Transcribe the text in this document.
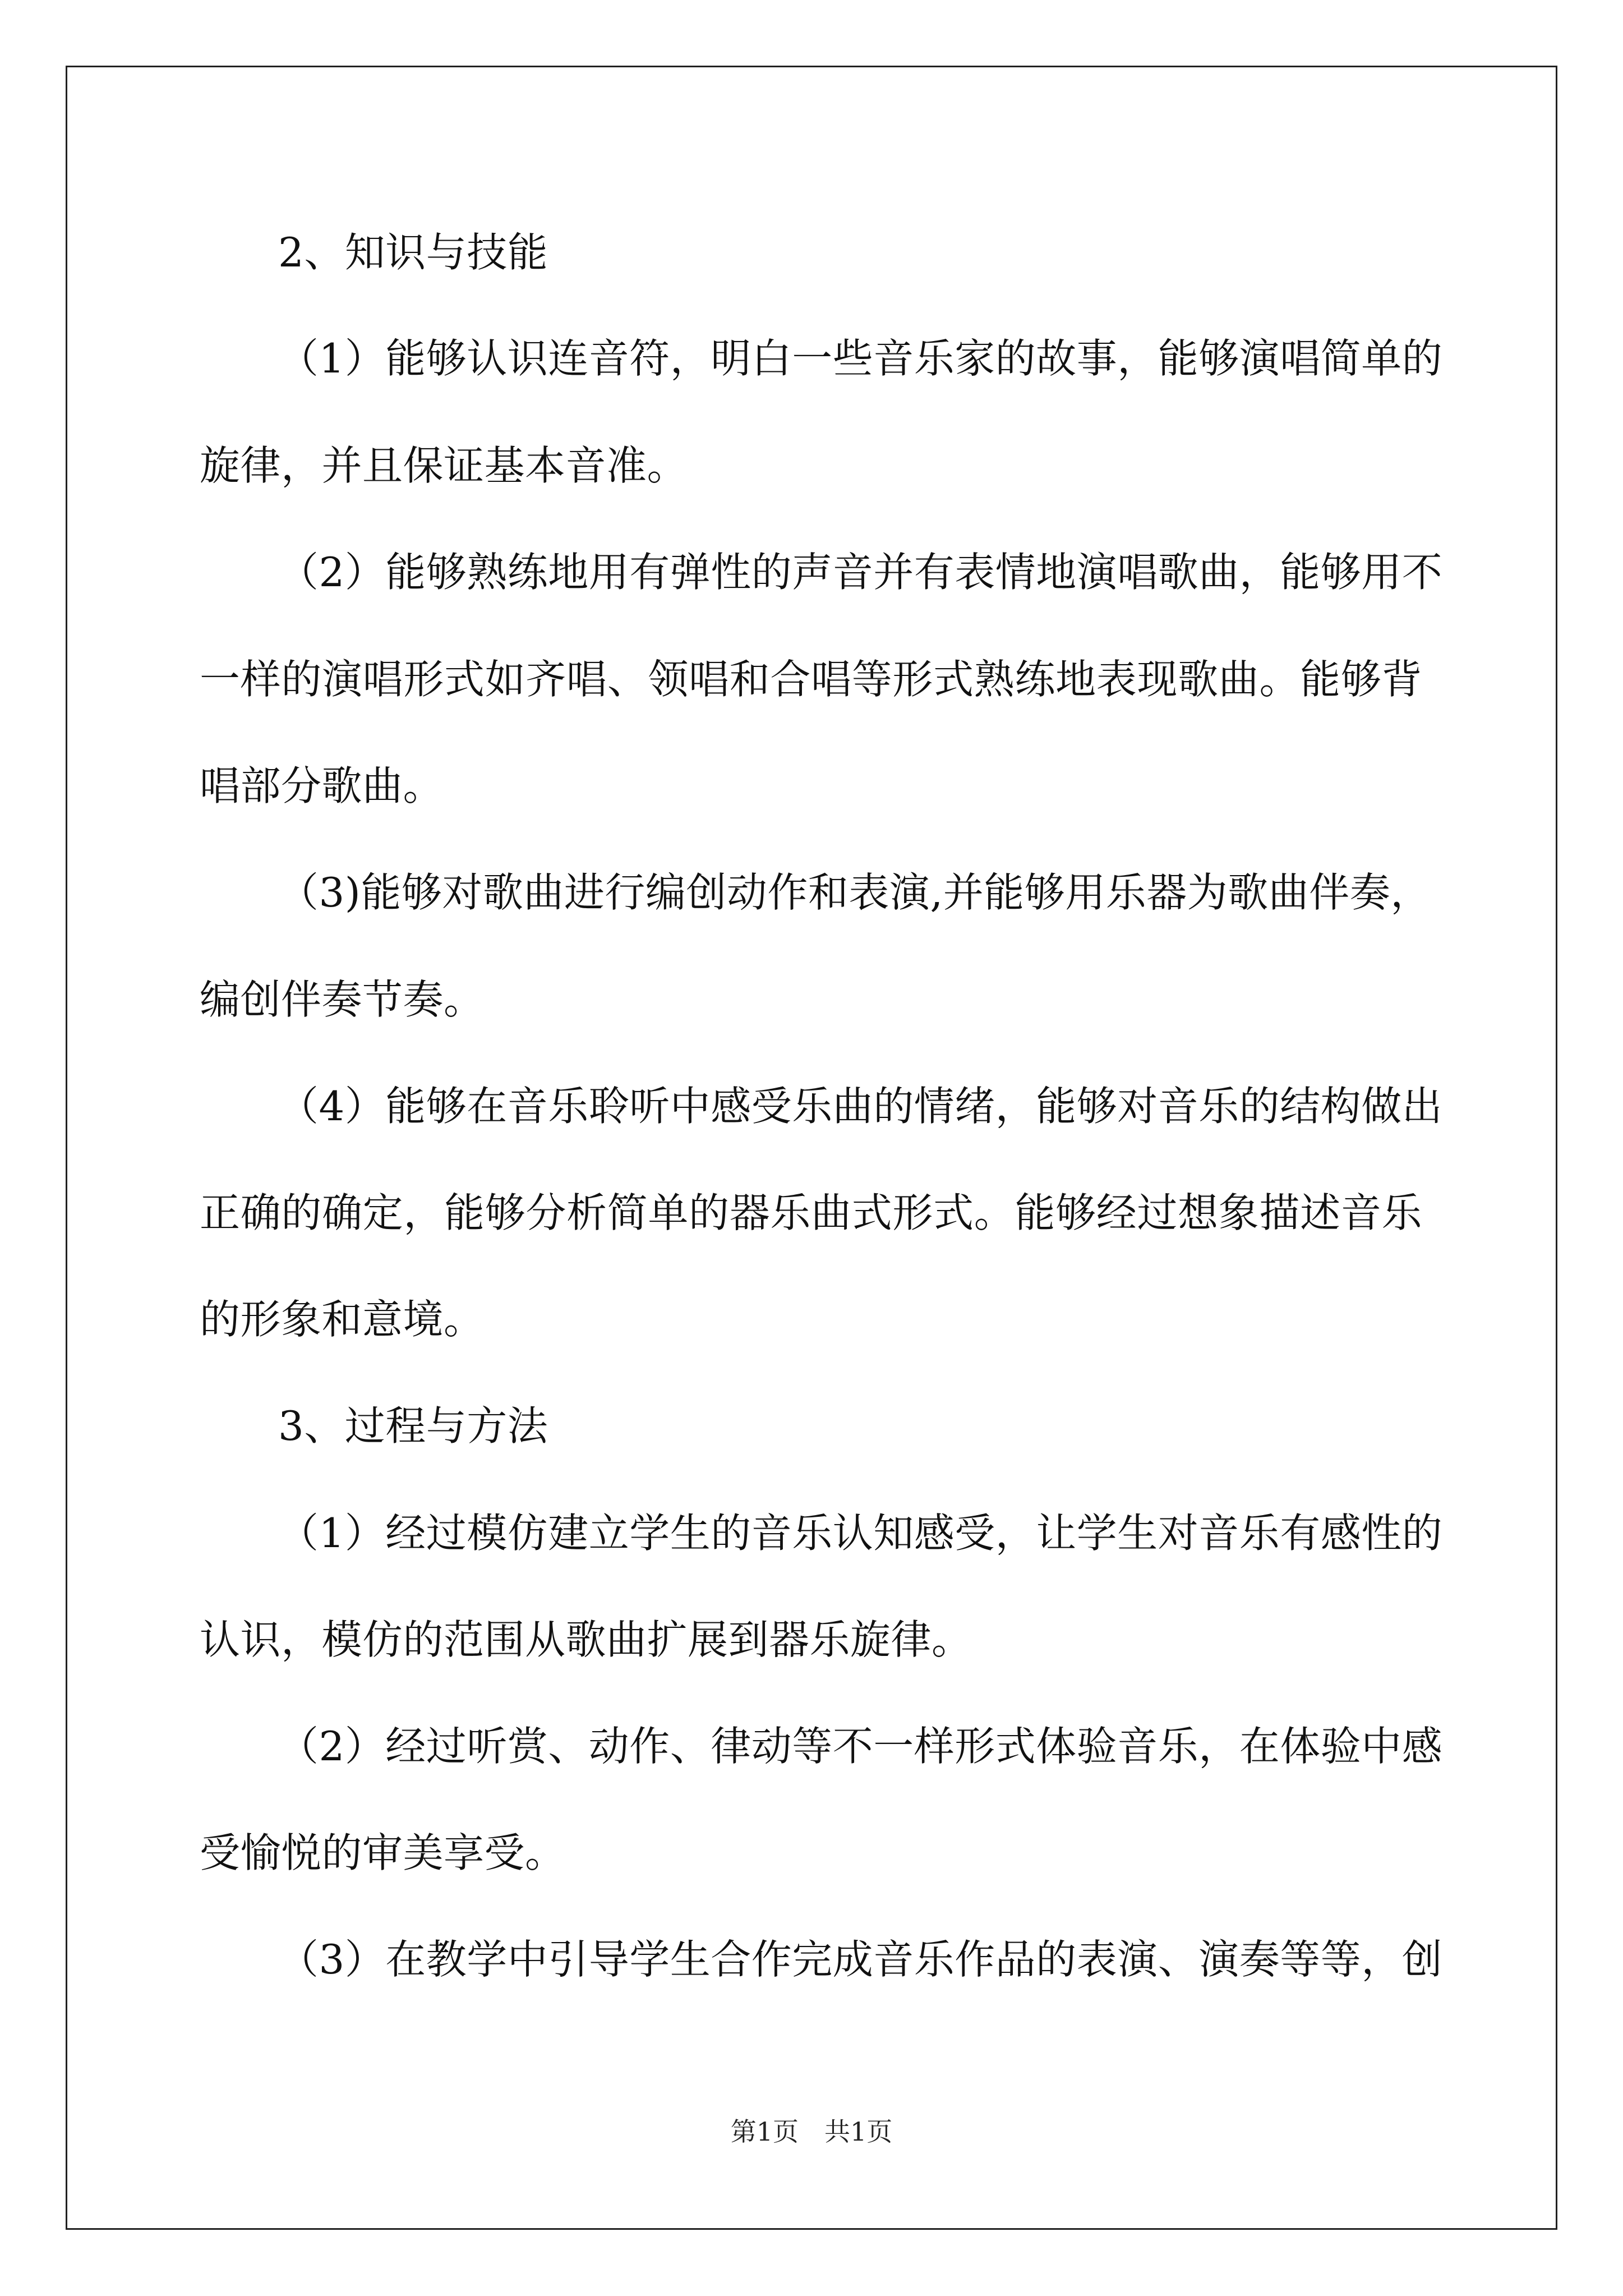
2、知识与技能
（1）能够认识连音符，明白一些音乐家的故事，能够演唱简单的
旋律，并且保证基本音准。
（2）能够熟练地用有弹性的声音并有表情地演唱歌曲，能够用不
一样的演唱形式如齐唱、领唱和合唱等形式熟练地表现歌曲。能够背
唱部分歌曲。
（3)能够对歌曲进行编创动作和表演,并能够用乐器为歌曲伴奏，
编创伴奏节奏。
（4）能够在音乐聆听中感受乐曲的情绪，能够对音乐的结构做出
正确的确定，能够分析简单的器乐曲式形式。能够经过想象描述音乐
的形象和意境。
3、过程与方法
（1）经过模仿建立学生的音乐认知感受，让学生对音乐有感性的
认识，模仿的范围从歌曲扩展到器乐旋律。
（2）经过听赏、动作、律动等不一样形式体验音乐，在体验中感
受愉悦的审美享受。
（3）在教学中引导学生合作完成音乐作品的表演、演奏等等，创
第1页　共1页
